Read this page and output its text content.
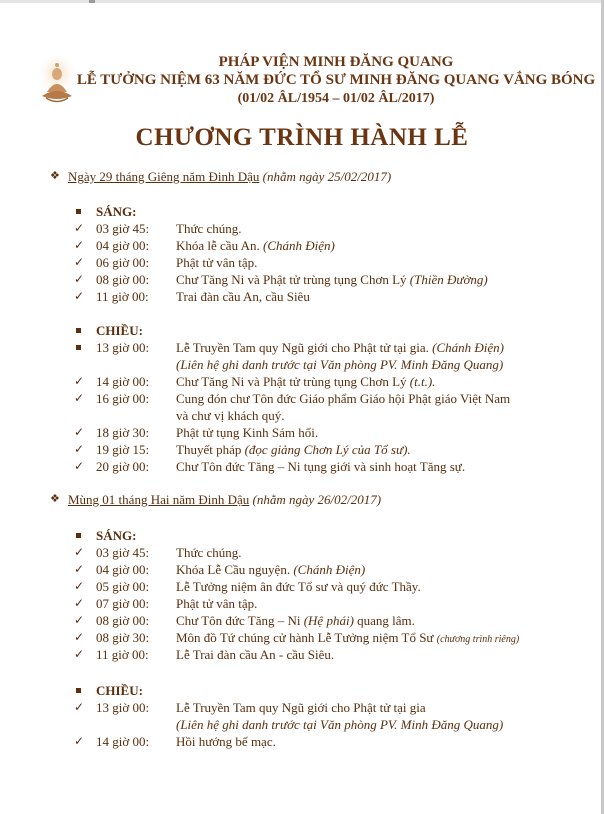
PHÁP VIỆN MINH ĐĂNG QUANG
LỄ TƯỞNG NIỆM 63 NĂM ĐỨC TỔ SƯ MINH ĐĂNG QUANG VẮNG BÓNG
(01/02 ÂL/1954 – 01/02 ÂL/2017)
CHƯƠNG TRÌNH HÀNH LỄ
❖ Ngày 29 tháng Giêng năm Đinh Dậu (nhằm ngày 25/02/2017)
SÁNG:
✓ 03 giờ 45: Thức chúng.
✓ 04 giờ 00: Khóa lễ cầu An. (Chánh Điện)
✓ 06 giờ 00: Phật tử vân tập.
✓ 08 giờ 00: Chư Tăng Ni và Phật tử trùng tụng Chơn Lý (Thiền Đường)
✓ 11 giờ 00: Trai đàn cầu An, cầu Siêu
CHIỀU:
13 giờ 00: Lễ Truyền Tam quy Ngũ giới cho Phật tử tại gia. (Chánh Điện)
(Liên hệ ghi danh trước tại Văn phòng PV. Minh Đăng Quang)
✓ 14 giờ 00: Chư Tăng Ni và Phật tử trùng tụng Chơn Lý (t.t.).
✓ 16 giờ 00: Cung đón chư Tôn đức Giáo phẩm Giáo hội Phật giáo Việt Nam
và chư vị khách quý.
✓ 18 giờ 30: Phật tử tụng Kinh Sám hối.
✓ 19 giờ 15: Thuyết pháp (đọc giảng Chơn Lý của Tổ sư).
✓ 20 giờ 00: Chư Tôn đức Tăng – Ni tụng giới và sinh hoạt Tăng sự.
❖ Mùng 01 tháng Hai năm Đinh Dậu (nhằm ngày 26/02/2017)
SÁNG:
✓ 03 giờ 45: Thức chúng.
✓ 04 giờ 00: Khóa Lễ Cầu nguyện. (Chánh Điện)
✓ 05 giờ 00: Lễ Tưởng niệm ân đức Tổ sư và quý đức Thầy.
✓ 07 giờ 00: Phật tử vân tập.
✓ 08 giờ 00: Chư Tôn đức Tăng – Ni (Hệ phái) quang lâm.
✓ 08 giờ 30: Môn đồ Tứ chúng cử hành Lễ Tưởng niệm Tổ Sư (chương trình riêng)
✓ 11 giờ 00: Lễ Trai đàn cầu An - cầu Siêu.
CHIỀU:
✓ 13 giờ 00: Lễ Truyền Tam quy Ngũ giới cho Phật tử tại gia
(Liên hệ ghi danh trước tại Văn phòng PV. Minh Đăng Quang)
✓ 14 giờ 00: Hồi hướng bế mạc.
